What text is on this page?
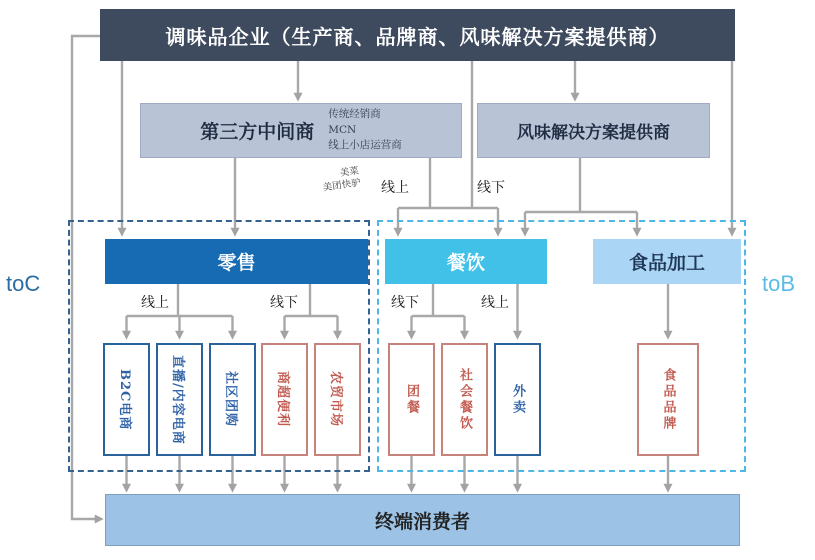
toC	toB
调味品企业（生产商、品牌商、风味解决方案提供商）
第三方中间商
传统经销商
MCN
线上小店运营商
风味解决方案提供商
美菜
美团快驴 线上	线下
零售	餐饮	食品加工
线上	线下	线下	线上
B2C电商	直播/内容电商	社区团购	商超便利	农贸市场	团餐	社会餐饮	外卖	食品品牌
终端消费者
